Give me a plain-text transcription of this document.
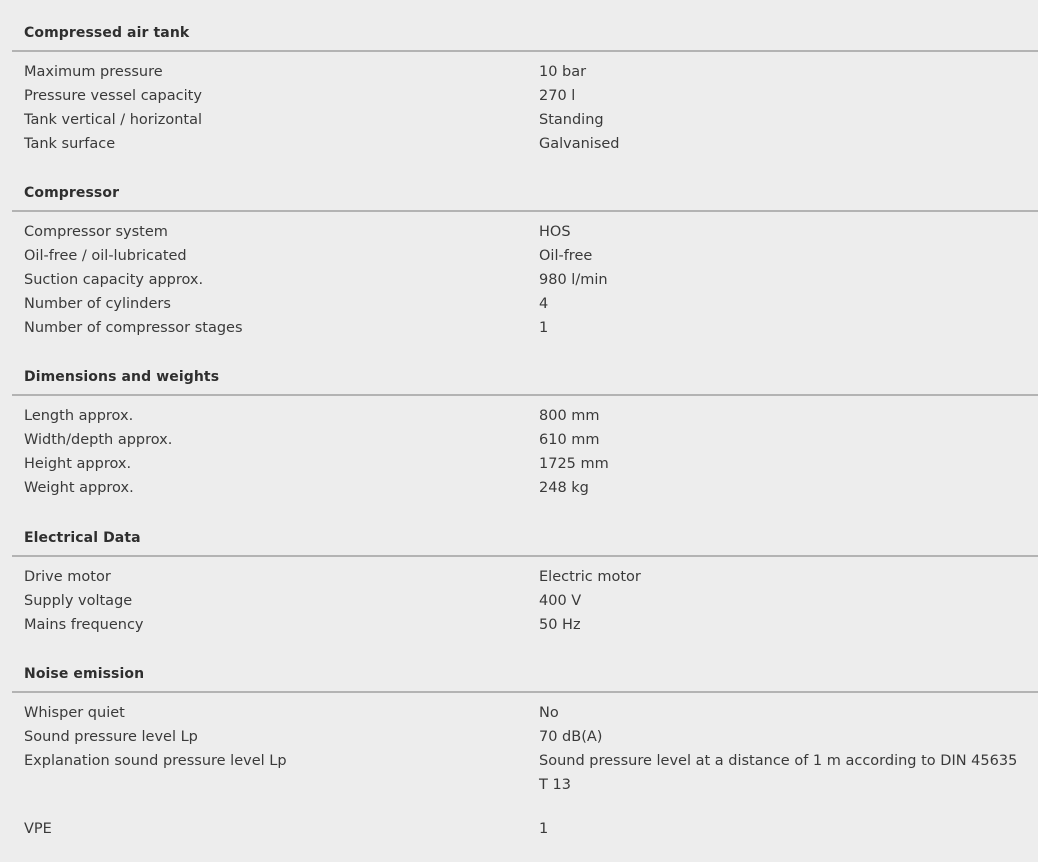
Compressed air tank
Maximum pressure	10 bar
Pressure vessel capacity	270 l
Tank vertical / horizontal	Standing
Tank surface	Galvanised
Compressor
Compressor system	HOS
Oil-free / oil-lubricated	Oil-free
Suction capacity approx.	980 l/min
Number of cylinders	4
Number of compressor stages	1
Dimensions and weights
Length approx.	800 mm
Width/depth approx.	610 mm
Height approx.	1725 mm
Weight approx.	248 kg
Electrical Data
Drive motor	Electric motor
Supply voltage	400 V
Mains frequency	50 Hz
Noise emission
Whisper quiet	No
Sound pressure level Lp	70 dB(A)
Explanation sound pressure level Lp	Sound pressure level at a distance of 1 m according to DIN 45635 T 13
VPE	1
